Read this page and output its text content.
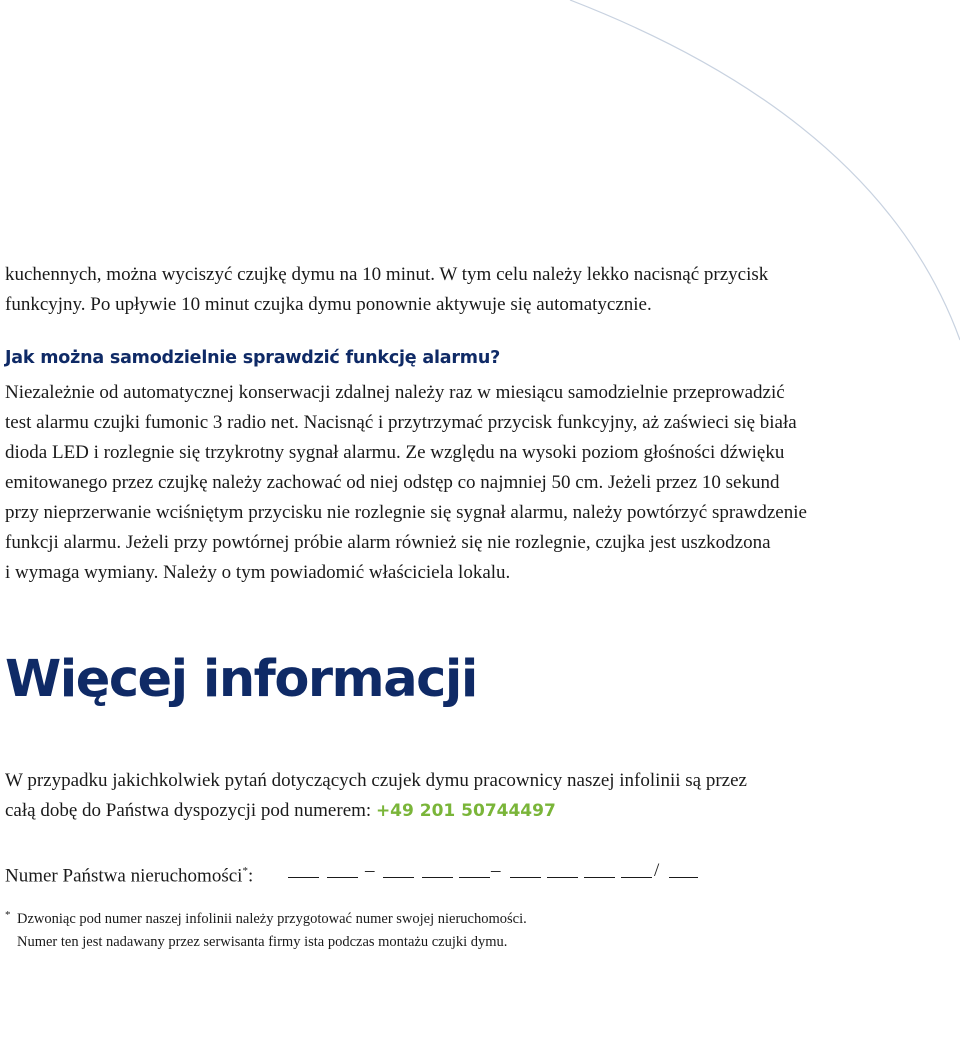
kuchennych, można wyciszyć czujkę dymu na 10 minut. W tym celu należy lekko nacisnąć przycisk
funkcyjny. Po upływie 10 minut czujka dymu ponownie aktywuje się automatycznie.
Jak można samodzielnie sprawdzić funkcję alarmu?
Niezależnie od automatycznej konserwacji zdalnej należy raz w miesiącu samodzielnie przeprowadzić
test alarmu czujki fumonic 3 radio net. Nacisnąć i przytrzymać przycisk funkcyjny, aż zaświeci się biała
dioda LED i rozlegnie się trzykrotny sygnał alarmu. Ze względu na wysoki poziom głośności dźwięku
emitowanego przez czujkę należy zachować od niej odstęp co najmniej 50 cm. Jeżeli przez 10 sekund
przy nieprzerwanie wciśniętym przycisku nie rozlegnie się sygnał alarmu, należy powtórzyć sprawdzenie
funkcji alarmu. Jeżeli przy powtórnej próbie alarm również się nie rozlegnie, czujka jest uszkodzona
i wymaga wymiany. Należy o tym powiadomić właściciela lokalu.
Więcej informacji
W przypadku jakichkolwiek pytań dotyczących czujek dymu pracownicy naszej infolinii są przez
całą dobę do Państwa dyspozycji pod numerem: +49 201 50744497
Numer Państwa nieruchomości*:	–	–	/
* Dzwoniąc pod numer naszej infolinii należy przygotować numer swojej nieruchomości.
Numer ten jest nadawany przez serwisanta firmy ista podczas montażu czujki dymu.
